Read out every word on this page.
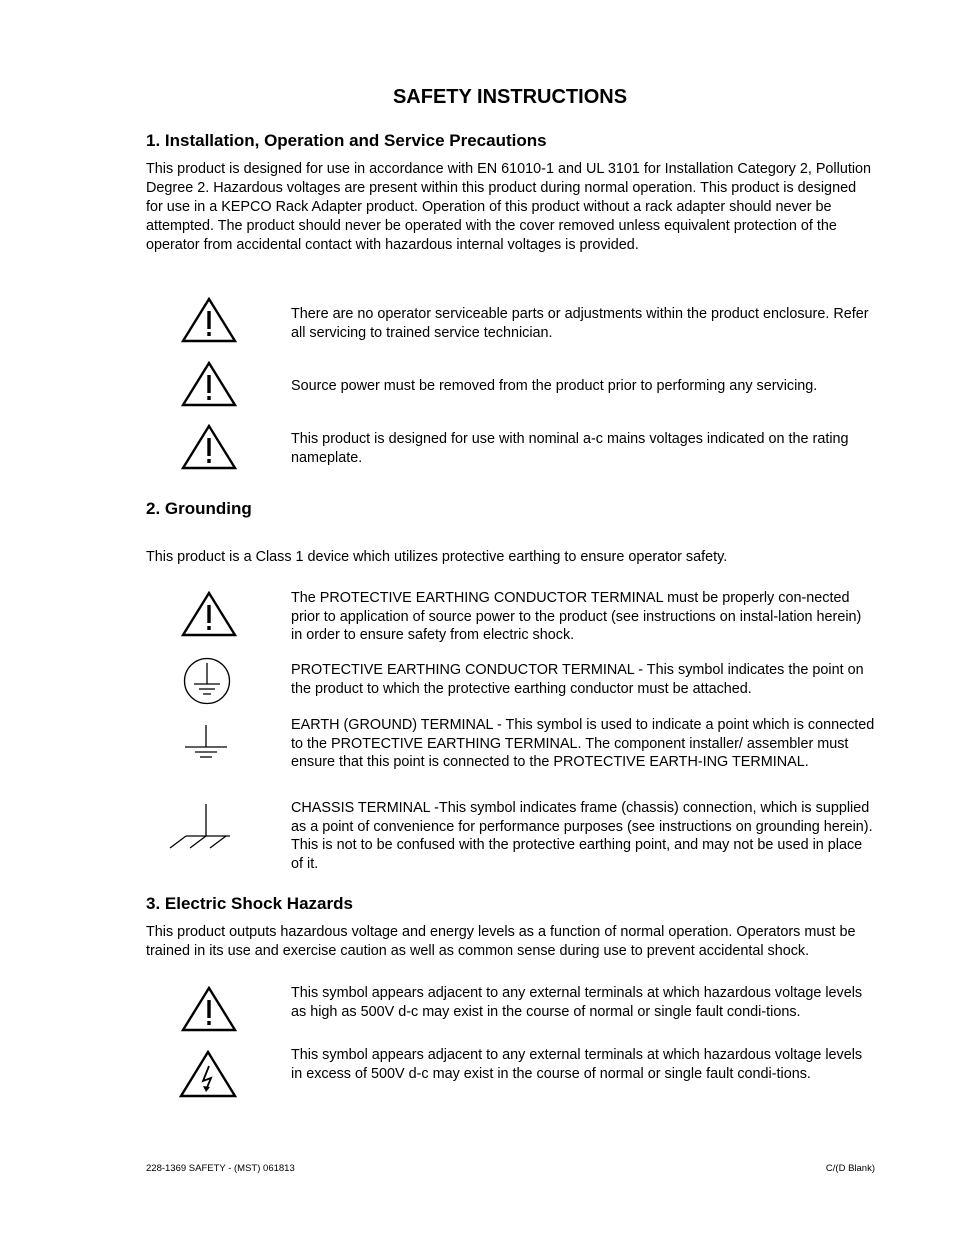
SAFETY INSTRUCTIONS
1. Installation, Operation and Service Precautions
This product is designed for use in accordance with EN 61010-1 and UL 3101 for Installation Category 2, Pollution Degree 2. Hazardous voltages are present within this product during normal operation. This product is designed for use in a KEPCO Rack Adapter product. Operation of this product without a rack adapter should never be attempted. The product should never be operated with the cover removed unless equivalent protection of the operator from accidental contact with hazardous internal voltages is provided.
There are no operator serviceable parts or adjustments within the product enclosure. Refer all servicing to trained service technician.
Source power must be removed from the product prior to performing any servicing.
This product is designed for use with nominal a-c mains voltages indicated on the rating nameplate.
2. Grounding
This product is a Class 1 device which utilizes protective earthing to ensure operator safety.
The PROTECTIVE EARTHING CONDUCTOR TERMINAL must be properly con-nected prior to application of source power to the product (see instructions on instal-lation herein) in order to ensure safety from electric shock.
PROTECTIVE EARTHING CONDUCTOR TERMINAL - This symbol indicates the point on the product to which the protective earthing conductor must be attached.
EARTH (GROUND) TERMINAL - This symbol is used to indicate a point which is connected to the PROTECTIVE EARTHING TERMINAL. The component installer/ assembler must ensure that this point is connected to the PROTECTIVE EARTH-ING TERMINAL.
CHASSIS TERMINAL -This symbol indicates frame (chassis) connection, which is supplied as a point of convenience for performance purposes (see instructions on grounding herein). This is not to be confused with the protective earthing point, and may not be used in place of it.
3. Electric Shock Hazards
This product outputs hazardous voltage and energy levels as a function of normal operation. Operators must be trained in its use and exercise caution as well as common sense during use to prevent accidental shock.
This symbol appears adjacent to any external terminals at which hazardous voltage levels as high as 500V d-c may exist in the course of normal or single fault condi-tions.
This symbol appears adjacent to any external terminals at which hazardous voltage levels in excess of 500V d-c may exist in the course of normal or single fault condi-tions.
228-1369 SAFETY - (MST) 061813	C/(D Blank)
